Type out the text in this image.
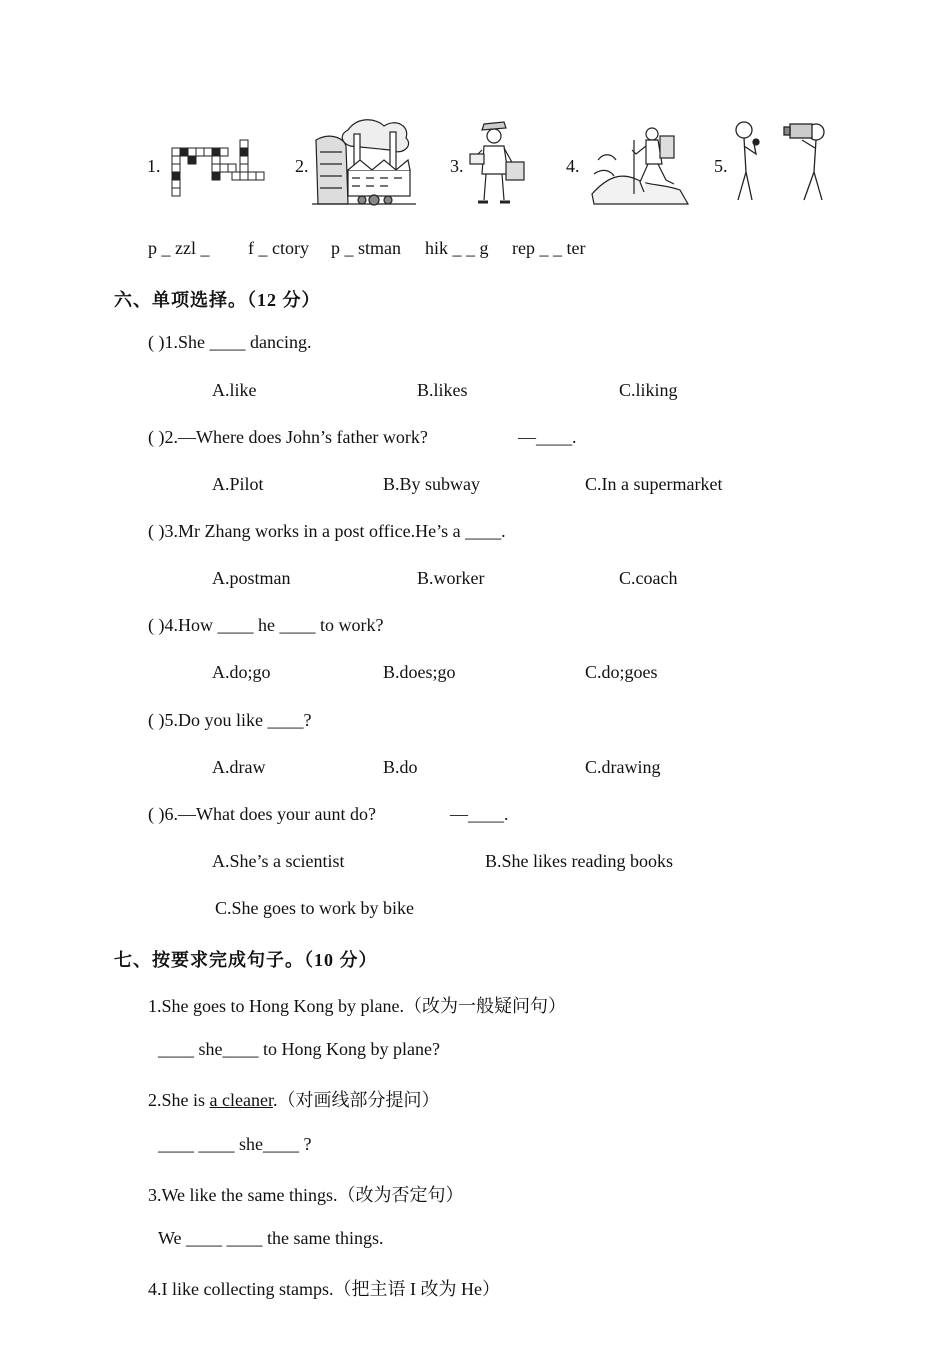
1.	2.	3.	4.	5.
p _ zzl _ f _ ctory p _ stman hik _ _ g rep _ _ ter
六、单项选择。（12 分）
( )1.She ____ dancing.
A.like	B.likes	C.liking
( )2.—Where does John’s father work?	—____.
A.Pilot	B.By subway	C.In a supermarket
( )3.Mr Zhang works in a post office.He’s a ____.
A.postman	B.worker	C.coach
( )4.How ____ he ____ to work?
A.do;go	B.does;go	C.do;goes
( )5.Do you like ____?
A.draw	B.do	C.drawing
( )6.—What does your aunt do?	—____.
A.She’s a scientist	B.She likes reading books
C.She goes to work by bike
七、按要求完成句子。（10 分）
1.She goes to Hong Kong by plane.（改为一般疑问句）
____ she____ to Hong Kong by plane?
2.She is a cleaner.（对画线部分提问）
____ ____ she____ ?
3.We like the same things.（改为否定句）
We ____ ____ the same things.
4.I like collecting stamps.（把主语 I 改为 He）
